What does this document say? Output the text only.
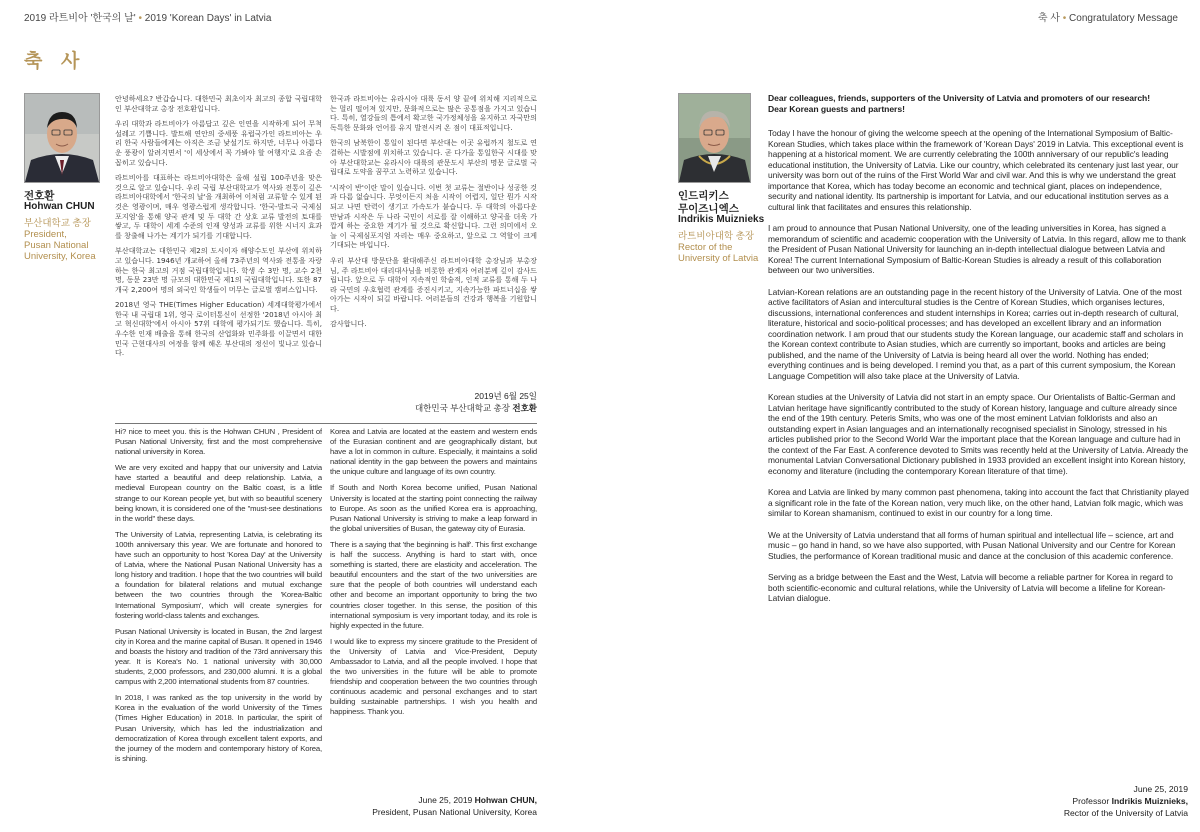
2019 라트비아 '한국의 날' • 2019 'Korean Days' in Latvia	축 사 • Congratulatory Message
축 사
전호환
Hohwan CHUN
부산대학교 총장
President,
Pusan National
University, Korea

안녕하세요? 반갑습니다. 대한민국 최초이자 최고의 종합 국립대학인 부산대학교 총장 전호환입니다.

우리 대학과 라트비아가 아름답고 깊은 인연을 시작하게 되어 무척 설레고 기쁩니다. 발트해 연안의 중세풍 유럽국가인 라트비아는 우리 한국 사람들에게는 아직은 조금 낯설기도 하지만, 너무나 아름다운 풍광이 알려지면서 '이 세상에서 꼭 가봐야 할 여행지'로 요즘 손꼽히고 있습니다.

라트비아를 대표하는 라트비아대학은 올해 설립 100주년을 맞은 것으로 알고 있습니다. 우리 국립 부산대학교가 역사와 전통이 깊은 라트비아대학에서 '한국의 날'을 개최하여 이처럼 교류할 수 있게 된 것은 영광이며, 매우 영광스럽게 생각합니다. '한국-발트국 국제심포지엄'을 통해 양국 관계 및 두 대학 간 상호 교류 발전의 토대를 쌓고, 두 대학이 세계 수준의 인재 양성과 교류를 위한 시너지 효과를 창출해 나가는 계기가 되기를 기대합니다.

부산대학교는 대한민국 제2의 도시이자 해양수도인 부산에 위치하고 있습니다. 1946년 개교하여 올해 73주년의 역사와 전통을 자랑하는 한국 최고의 거점 국립대학입니다. 학생 수 3만 명, 교수 2천 명, 동문 23만 명 규모의 대한민국 제1의 국립대학입니다. 또한 87개국 2,200여 명의 외국인 학생들이 머무는 글로벌 캠퍼스입니다.

2018년 영국 THE(Times Higher Education) 세계대학평가에서 한국 내 국립대 1위, 영국 로이터통신이 선정한 '2018년 아시아 최고 혁신대학'에서 아시아 57위 대학에 평가되기도 했습니다. 특히, 우수한 인재 배출을 통해 한국의 산업화와 민주화를 이끌면서 대한민국 근현대사의 여정을 함께 해온 부산대의 정신이 빛나고 있습니다.

한국과 라트비아는 유라시아 대륙 동서 양 끝에 위치해 지리적으로는 멀리 떨어져 있지만, 문화적으로는 많은 공통점을 가지고 있습니다. 특히, 열강들의 틈에서 확고한 국가정체성을 유지하고 자국만의 독특한 문화와 언어를 유지 발전시켜 온 점이 대표적입니다.

한국의 남북한이 통일이 된다면 부산대는 이곳 유럽까지 철도로 연결하는 시발점에 위치하고 있습니다. 곧 다가올 통일한국 시대를 맞아 부산대학교는 유라시아 대륙의 관문도시 부산의 명문 글로벌 국립대로 도약을 꿈꾸고 노력하고 있습니다.

'시작이 반'이란 말이 있습니다. 이번 첫 교류는 절반이나 성공한 것과 다름 없습니다. 무엇이든지 처음 시작이 어렵지, 일단 뭔가 시작되고 나면 탄력이 생기고 가속도가 붙습니다. 두 대학의 아름다운 만남과 시작은 두 나라 국민이 서로를 잘 이해하고 양국을 더욱 가깝게 하는 중요한 계기가 될 것으로 확신합니다. 그런 의미에서 오늘 이 국제심포지엄 자리는 매우 중요하고, 앞으로 그 역할이 크게 기대되는 바입니다.

우리 부산대 방문단을 환대해주신 라트비아대학 총장님과 부총장님, 주 라트비아 대리대사님을 비롯한 관계자 여러분께 깊이 감사드립니다. 앞으로 두 대학이 지속적인 학술적, 인적 교류를 통해 두 나라 국민의 우호협력 관계를 증진시키고, 지속가능한 파트너십을 쌓아가는 시작이 되길 바랍니다. 여러분들의 건강과 행복을 기원합니다.

감사합니다.

2019년 6월 25일
대한민국 부산대학교 총장 전호환

Hi? nice to meet you. this is the Hohwan CHUN , President of Pusan National University, first and the most comprehensive national university in Korea.

We are very excited and happy that our university and Latvia have started a beautiful and deep relationship. Latvia, a medieval European country on the Baltic coast, is a little strange to our Korean people yet, but with so beautiful scenery being known, it is considered one of the "must-see destinations in the world" these days.

The University of Latvia, representing Latvia, is celebrating its 100th anniversary this year. We are fortunate and honored to have such an opportunity to host 'Korea Day' at the University of Latvia, where the National Pusan National University has a long history and tradition. I hope that the two countries will build a foundation for bilateral relations and mutual exchange between the two countries through the 'Korea-Baltic International Symposium', which will create synergies for fostering world-class talents and exchanges.

Pusan National University is located in Busan, the 2nd largest city in Korea and the marine capital of Busan. It opened in 1946 and boasts the history and tradition of the 73rd anniversary this year. It is Korea's No. 1 national university with 30,000 students, 2,000 professors, and 230,000 alumni. It is a global campus with 2,200 international students from 87 countries.

In 2018, I was ranked as the top university in the world by Korea in the evaluation of the world University of the Times (Times Higher Education) in 2018. In particular, the spirit of Pusan University, which has led the industrialization and democratization of Korea through excellent talent exports, and the journey of the modern and contemporary history of Korea, is shining.

Korea and Latvia are located at the eastern and western ends of the Eurasian continent and are geographically distant, but have a lot in common in culture. Especially, it maintains a solid national identity in the gap between the powers and maintains the unique culture and language of its own country.

If South and North Korea become unified, Pusan National University is located at the starting point connecting the railway to Europe. As soon as the unified Korea era is approaching, Pusan National University is striving to make a leap forward in the global universities of Busan, the gateway city of Eurasia.

There is a saying that 'the beginning is half'. This first exchange is half the success. Anything is hard to start with, once something is started, there are elasticity and acceleration. The beautiful encounters and the start of the two universities are sure that the people of both countries will understand each other and become an important opportunity to bring the two countries closer together. In this sense, the position of this international symposium is very important today, and its role is highly expected in the future.

I would like to express my sincere gratitude to the President of the University of Latvia and Vice-President, Deputy Ambassador to Latvia, and all the people involved. I hope that the two universities in the future will be able to promote friendship and cooperation between the two countries through continuous academic and personal exchanges and to start building sustainable partnerships. I wish you health and happiness. Thank you.

June 25, 2019 Hohwan CHUN,
President, Pusan National University, Korea
인드리키스
무이즈니엑스
Indrikis Muiznieks
라트비아대학 총장
Rector of the
University of Latvia
Dear colleagues, friends, supporters of the University of Latvia and promoters of our research!
Dear Korean guests and partners!

Today I have the honour of giving the welcome speech at the opening of the International Symposium of Baltic-Korean Studies, which takes place within the framework of 'Korean Days' 2019 in Latvia. This exceptional event is happening at a historical moment. We are currently celebrating the 100th anniversary of our republic's leading educational institution, the University of Latvia. Like our country, which celebrated its centenary just last year, our university was born out of the ruins of the First World War and civil war. And this is why we understand the great importance that Korea, which has today become an economic and technical giant, places on independence, security and national identity. Its partnership is important for Latvia, and our educational institution serves as a cultural link that facilitates and ensures this relationship.

I am proud to announce that Pusan National University, one of the leading universities in Korea, has signed a memorandum of scientific and academic cooperation with the University of Latvia. In this regard, allow me to thank the President of Pusan National University for launching an in-depth intellectual dialogue between Latvia and Korea! The current International Symposium of Baltic-Korean Studies is already a result of this collaboration between our two universities.

Latvian-Korean relations are an outstanding page in the recent history of the University of Latvia. One of the most active facilitators of Asian and intercultural studies is the Centre of Korean Studies, which organises lectures, discussions, international conferences and student internships in Korea; carries out in-depth research of cultural, literature, historical and socio-political processes; and has developed an excellent library and an information coordination network. I am proud that our students study the Korean language, our academic staff and scholars in the Korean context contribute to Asian studies, which are currently so important, books and articles are being published, and the name of the University of Latvia is being heard all over the world. Nothing has ended; everything continues and is being developed. I remind you that, as a part of this current symposium, the Korean Language Competition will also take place at the University of Latvia.

Korean studies at the University of Latvia did not start in an empty space. Our Orientalists of Baltic-German and Latvian heritage have significantly contributed to the study of Korean history, language and culture already since the end of the 19th century. Peteris Smits, who was one of the most eminent Latvian folklorists and also an outstanding expert in Asian languages and an internationally recognised specialist in Sinology, stressed in his articles published prior to the Second World War the important place that the Korean language and culture had in the context of the Far East. A conference devoted to Smits was recently held at the University of Latvia. Already the monumental Latvian Conversational Dictionary published in 1933 provided an excellent insight into Korean history, economy and literature (including the contemporary Korean literature of that time).

Korea and Latvia are linked by many common past phenomena, taking into account the fact that Christianity played a significant role in the fate of the Korean nation, very much like, on the other hand, Latvian folk magic, which was similar to Korean shamanism, continued to exist in our country for a long time.

We at the University of Latvia understand that all forms of human spiritual and intellectual life – science, art and music – go hand in hand, so we have also supported, with Pusan National University and our Centre for Korean Studies, the performance of Korean traditional music and dance at the conclusion of this academic conference.

Serving as a bridge between the East and the West, Latvia will become a reliable partner for Korea in regard to both scientific-economic and cultural relations, while the University of Latvia will become a lifeline for Korean-Latvian dialogue.

June 25, 2019
Professor Indrikis Muiznieks,
Rector of the University of Latvia
